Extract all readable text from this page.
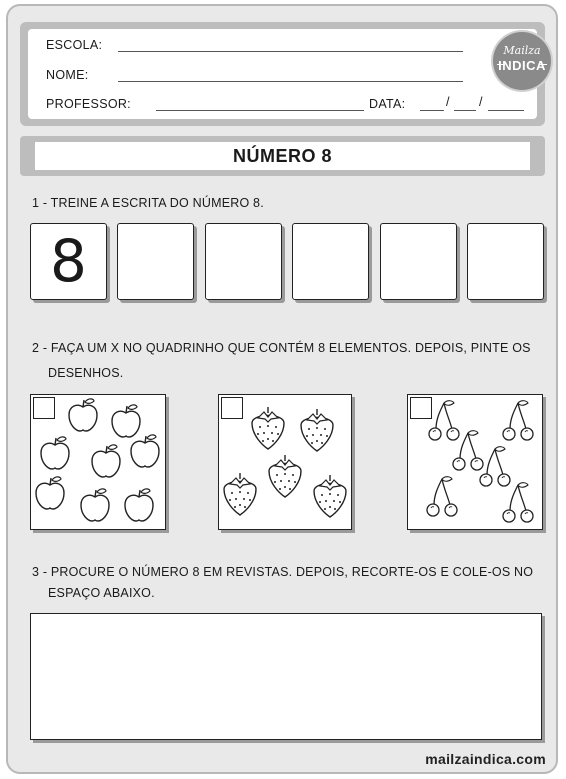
ESCOLA:
NOME:
PROFESSOR:	DATA:	/ /
Mailza
INDICA
NÚMERO 8
1 - TREINE A ESCRITA DO NÚMERO 8.
8
2 - FAÇA UM X NO QUADRINHO QUE CONTÉM 8 ELEMENTOS. DEPOIS, PINTE OS
DESENHOS.
3 - PROCURE O NÚMERO 8 EM REVISTAS. DEPOIS, RECORTE-OS E COLE-OS NO
ESPAÇO ABAIXO.
mailzaindica.com
